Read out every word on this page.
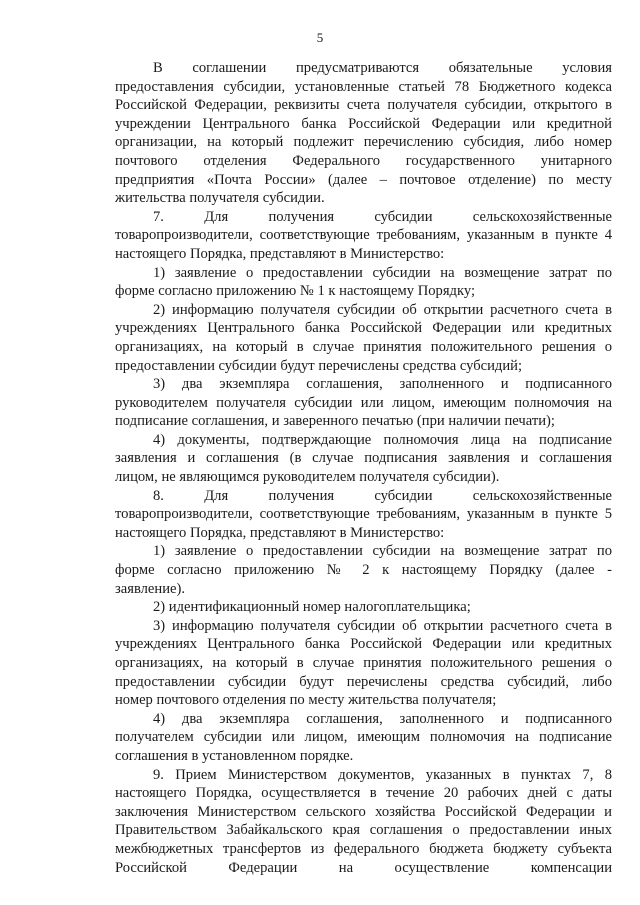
5
В соглашении предусматриваются обязательные условия
предоставления субсидии, установленные статьей 78 Бюджетного кодекса
Российской Федерации, реквизиты счета получателя субсидии, открытого в
учреждении Центрального банка Российской Федерации или кредитной
организации, на который подлежит перечислению субсидия, либо номер
почтового отделения Федерального государственного унитарного
предприятия «Почта России» (далее – почтовое отделение) по месту
жительства получателя субсидии.
7. Для получения субсидии сельскохозяйственные
товаропроизводители, соответствующие требованиям, указанным в пункте 4
настоящего Порядка, представляют в Министерство:
1) заявление о предоставлении субсидии на возмещение затрат по
форме согласно приложению № 1 к настоящему Порядку;
2) информацию получателя субсидии об открытии расчетного счета в
учреждениях Центрального банка Российской Федерации или кредитных
организациях, на который в случае принятия положительного решения о
предоставлении субсидии будут перечислены средства субсидий;
3) два экземпляра соглашения, заполненного и подписанного
руководителем получателя субсидии или лицом, имеющим полномочия на
подписание соглашения, и заверенного печатью (при наличии печати);
4) документы, подтверждающие полномочия лица на подписание
заявления и соглашения (в случае подписания заявления и соглашения
лицом, не являющимся руководителем получателя субсидии).
8. Для получения субсидии сельскохозяйственные
товаропроизводители, соответствующие требованиям, указанным в пункте 5
настоящего Порядка, представляют в Министерство:
1) заявление о предоставлении субсидии на возмещение затрат по
форме согласно приложению № 2 к настоящему Порядку (далее -
заявление).
2) идентификационный номер налогоплательщика;
3) информацию получателя субсидии об открытии расчетного счета в
учреждениях Центрального банка Российской Федерации или кредитных
организациях, на который в случае принятия положительного решения о
предоставлении субсидии будут перечислены средства субсидий, либо
номер почтового отделения по месту жительства получателя;
4) два экземпляра соглашения, заполненного и подписанного
получателем субсидии или лицом, имеющим полномочия на подписание
соглашения в установленном порядке.
9. Прием Министерством документов, указанных в пунктах 7, 8
настоящего Порядка, осуществляется в течение 20 рабочих дней с даты
заключения Министерством сельского хозяйства Российской Федерации и
Правительством Забайкальского края соглашения о предоставлении иных
межбюджетных трансфертов из федерального бюджета бюджету субъекта
Российской Федерации на осуществление компенсации
